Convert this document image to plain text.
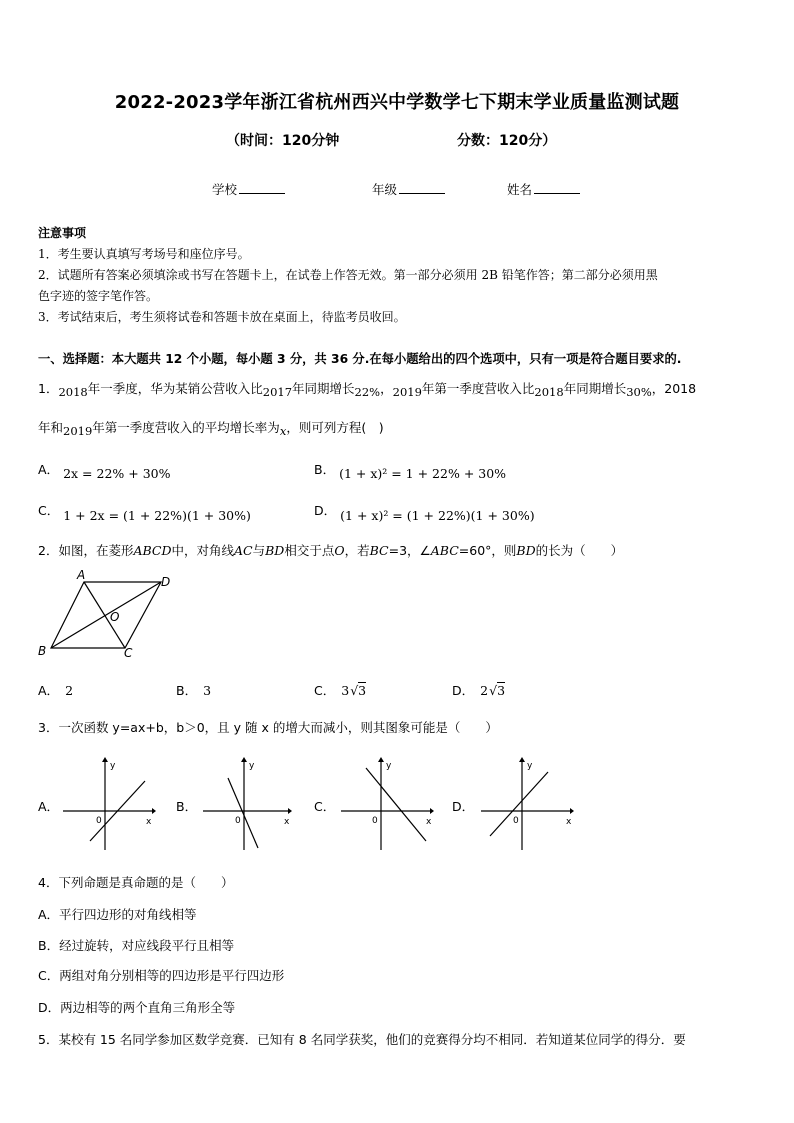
2022-2023学年浙江省杭州西兴中学数学七下期末学业质量监测试题
（时间：120分钟	分数：120分）
学校	年级	姓名
注意事项
1．考生要认真填写考场号和座位序号。
2．试题所有答案必须填涂或书写在答题卡上，在试卷上作答无效。第一部分必须用 2B 铅笔作答；第二部分必须用黑
色字迹的签字笔作答。
3．考试结束后，考生须将试卷和答题卡放在桌面上，待监考员收回。
一、选择题：本大题共 12 个小题，每小题 3 分，共 36 分.在每小题给出的四个选项中，只有一项是符合题目要求的.
1．2018年一季度，华为某销公营收入比2017年同期增长22%，2019年第一季度营收入比2018年同期增长30%，2018
年和2019年第一季度营收入的平均增长率为x，则可列方程(　)
A． 2x = 22% + 30%	B． (1 + x)² = 1 + 22% + 30%
C． 1 + 2x = (1 + 22%)(1 + 30%)	D． (1 + x)² = (1 + 22%)(1 + 30%)
2．如图，在菱形ABCD中，对角线AC与BD相交于点O，若BC=3，∠ABC=60°，则BD的长为（　　）
A	D
B	C
O
A． 2	B． 3	C． 3√3	D． 2√3
3．一次函数 y=ax+b，b＞0，且 y 随 x 的增大而减小，则其图象可能是（　　）
A．	B．	C．	D．
y
0	x
y
0	x
y
0	x
y
0	x
4．下列命题是真命题的是（　　）
A．平行四边形的对角线相等
B．经过旋转，对应线段平行且相等
C．两组对角分别相等的四边形是平行四边形
D．两边相等的两个直角三角形全等
5．某校有 15 名同学参加区数学竞赛．已知有 8 名同学获奖，他们的竞赛得分均不相同．若知道某位同学的得分．要
